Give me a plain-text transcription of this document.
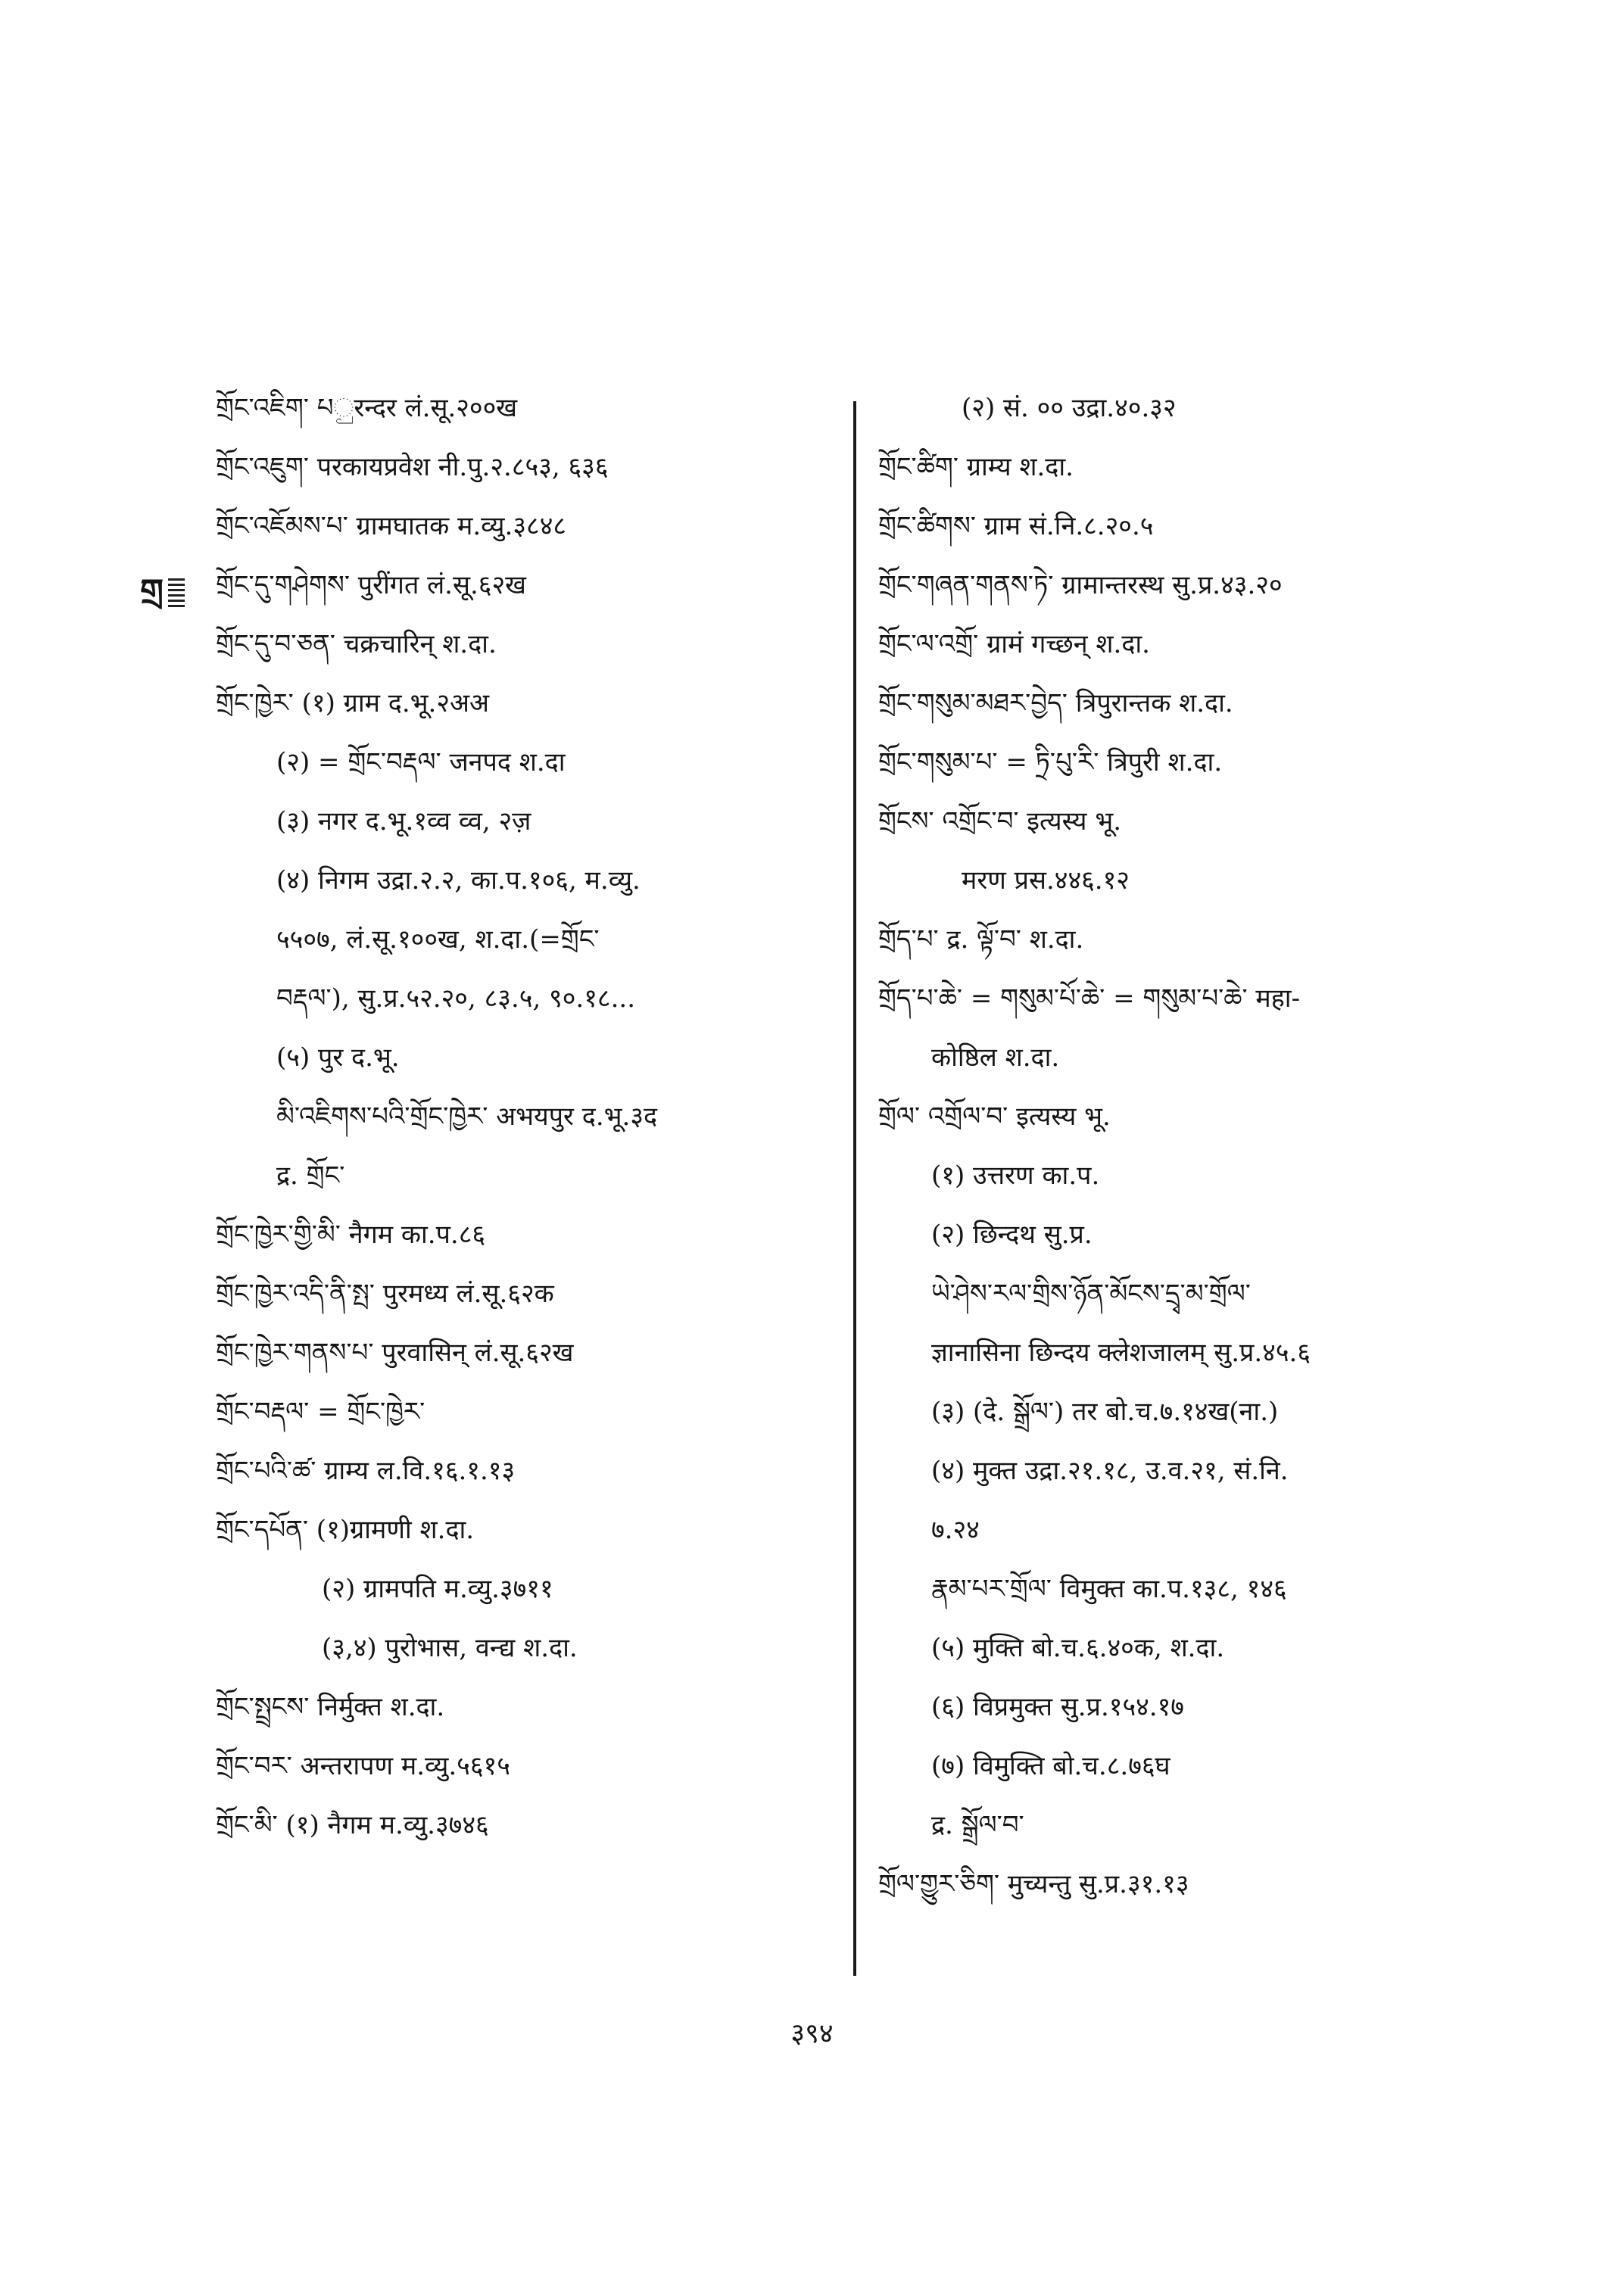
གྲ
གྲོང་འཇིག་ པුरन्दर लं.सू.२००ख
གྲོང་འཇུག་ परकायप्रवेश नी.पु.२.८५३, ६३६
གྲོང་འཇོམས་པ་ ग्रामघातक म.व्यु.३८४८
གྲོང་དུ་གཤེགས་ पुरींगत लं.सू.६२ख
གྲོང་དུ་བ་ཅན་ चक्रचारिन् श.दा.
གྲོང་ཁྱེར་ (१) ग्राम द.भू.२अअ
(२) = གྲོང་བརྡལ་ जनपद श.दा
(३) नगर द.भू.१व्व व्व, २ज़
(४) निगम उद्रा.२.२, का.प.१०६, म.व्यु.
५५०७, लं.सू.१००ख, श.दा.(=གྲོང་
བརྡལ་), सु.प्र.५२.२०, ८३.५, ९०.१८...
(५) पुर द.भू.
མི་འཇིགས་པའི་གྲོང་ཁྱེར་ अभयपुर द.भू.३द
द्र. གྲོང་
གྲོང་ཁྱེར་གྱི་མི་ नैगम का.प.८६
གྲོང་ཁྱེར་འདི་ནི་སྤ་ पुरमध्य लं.सू.६२क
གྲོང་ཁྱེར་གནས་པ་ पुरवासिन् लं.सू.६२ख
གྲོང་བརྡལ་ = གྲོང་ཁྱེར་
གྲོང་པའི་ཚ་ ग्राम्य ल.वि.१६.१.१३
གྲོང་དཔོན་ (१)ग्रामणी श.दा.
(२) ग्रामपति म.व्यु.३७११
(३,४) पुरोभास, वन्द्य श.दा.
གྲོང་སྤྲངས་ निर्मुक्त श.दा.
གྲོང་བར་ अन्तरापण म.व्यु.५६१५
གྲོང་མི་ (१) नैगम म.व्यु.३७४६
(२) सं. ०० उद्रा.४०.३२
གྲོང་ཚིག་ ग्राम्य श.दा.
གྲོང་ཚིགས་ ग्राम सं.नि.८.२०.५
གྲོང་གཞན་གནས་ཏེ་ ग्रामान्तरस्थ सु.प्र.४३.२०
གྲོང་ལ་འགྲོ་ ग्रामं गच्छन् श.दा.
གྲོང་གསུམ་མཐར་བྱེད་ त्रिपुरान्तक श.दा.
གྲོང་གསུམ་པ་ = ཏྲི་པུ་རི་ त्रिपुरी श.दा.
གྲོངས་ འགྲོང་བ་ इत्यस्य भू.
मरण प्रस.४४६.१२
གྲོད་པ་ द्र. ལྟོ་བ་ श.दा.
གྲོད་པ་ཆེ་ = གསུམ་པོ་ཆེ་ = གསུམ་པ་ཆེ་ महा-
कोष्ठिल श.दा.
གྲོལ་ འགྲོལ་བ་ इत्यस्य भू.
(१) उत्तरण का.प.
(२) छिन्दथ सु.प्र.
ཡེ་ཤེས་རལ་གྲིས་ཉོན་མོངས་དྲྭ་མ་གྲོལ་
ज्ञानासिना छिन्दय क्लेशजालम् सु.प्र.४५.६
(३) (दे. སྒྲོལ་) तर बो.च.७.१४ख(ना.)
(४) मुक्त उद्रा.२१.१८, उ.व.२१, सं.नि.
७.२४
རྣམ་པར་གྲོལ་ विमुक्त का.प.१३८, १४६
(५) मुक्ति बो.च.६.४०क, श.दा.
(६) विप्रमुक्त सु.प्र.१५४.१७
(७) विमुक्ति बो.च.८.७६घ
द्र. སྒྲོལ་བ་
གྲོལ་གྱུར་ཅིག་ मुच्यन्तु सु.प्र.३१.१३
३९४
